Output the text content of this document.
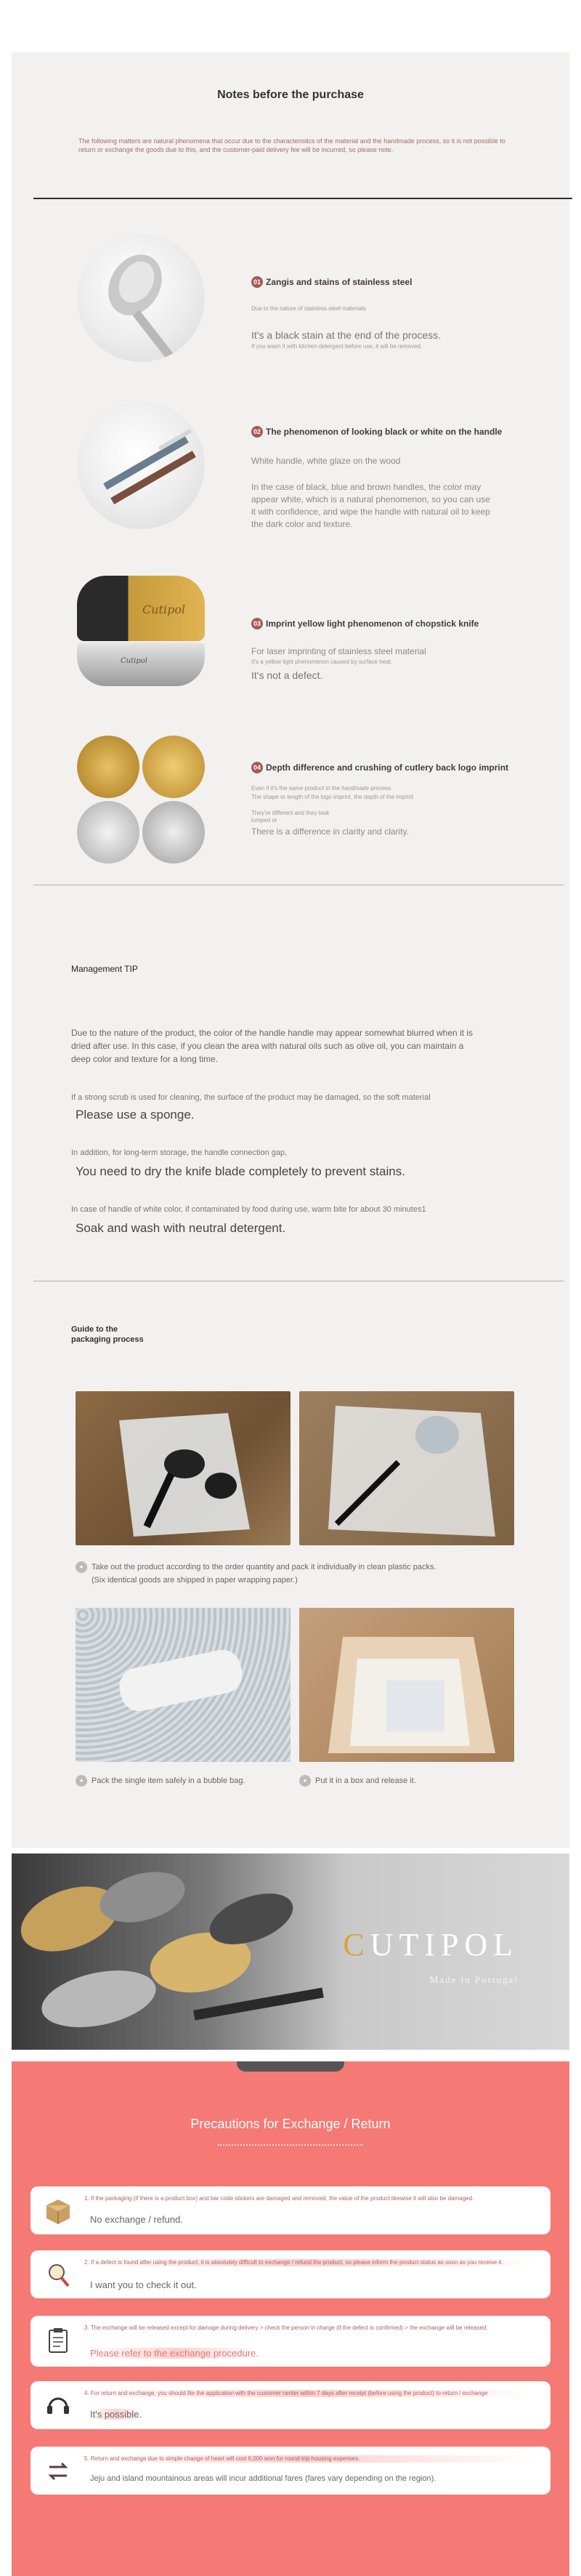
Notes before the purchase
The following matters are natural phenomena that occur due to the characteristics of the material and the handmade process, so it is not possible to return or exchange the goods due to this, and the customer-paid delivery fee will be incurred, so please note.
01 Zangis and stains of stainless steel
Due to the nature of stainless steel materials
It's a black stain at the end of the process.
If you wash it with kitchen detergent before use, it will be removed.
02 The phenomenon of looking black or white on the handle
White handle, white glaze on the wood
In the case of black, blue and brown handles, the color may appear white, which is a natural phenomenon, so you can use it with confidence, and wipe the handle with natural oil to keep the dark color and texture.
Cutipol
Cutipol
03 Imprint yellow light phenomenon of chopstick knife
For laser imprinting of stainless steel material
It's a yellow light phenomenon caused by surface heat.
It's not a defect.
04 Depth difference and crushing of cutlery back logo imprint
Even if it's the same product in the handmade process
The shape or length of the logo imprint, the depth of the imprint
They're different and they look
lumped or
There is a difference in clarity and clarity.
Management TIP
Due to the nature of the product, the color of the handle handle may appear somewhat blurred when it is dried after use. In this case, if you clean the area with natural oils such as olive oil, you can maintain a deep color and texture for a long time.
If a strong scrub is used for cleaning, the surface of the product may be damaged, so the soft material
Please use a sponge.
In addition, for long-term storage, the handle connection gap,
You need to dry the knife blade completely to prevent stains.
In case of handle of white color, if contaminated by food during use, warm bite for about 30 minutes1
Soak and wash with neutral detergent.
Guide to the packaging process
●	Take out the product according to the order quantity and pack it individually in clean plastic packs.
(Six identical goods are shipped in paper wrapping paper.)
●	Pack the single item safely in a bubble bag.	●	Put it in a box and release it.
CUTIPOL
Made in Portugal
Precautions for Exchange / Return
1. If the packaging (if there is a product box) and bar code stickers are damaged and removed, the value of the product likewise it will also be damaged.
No exchange / refund.
2. If a defect is found after using the product, it is absolutely difficult to exchange / refund the product, so please inform the product status as soon as you receive it.
I want you to check it out.
3. The exchange will be released except for damage during delivery > check the person in charge (if the defect is confirmed) > the exchange will be released.
Please refer to the exchange procedure.
4. For return and exchange, you should file the application with the customer center within 7 days after receipt (before using the product) to return / exchange
It's possible.
5. Return and exchange due to simple change of heart will cost 6,000 won for round-trip housing expenses.
Jeju and island mountainous areas will incur additional fares (fares vary depending on the region).
